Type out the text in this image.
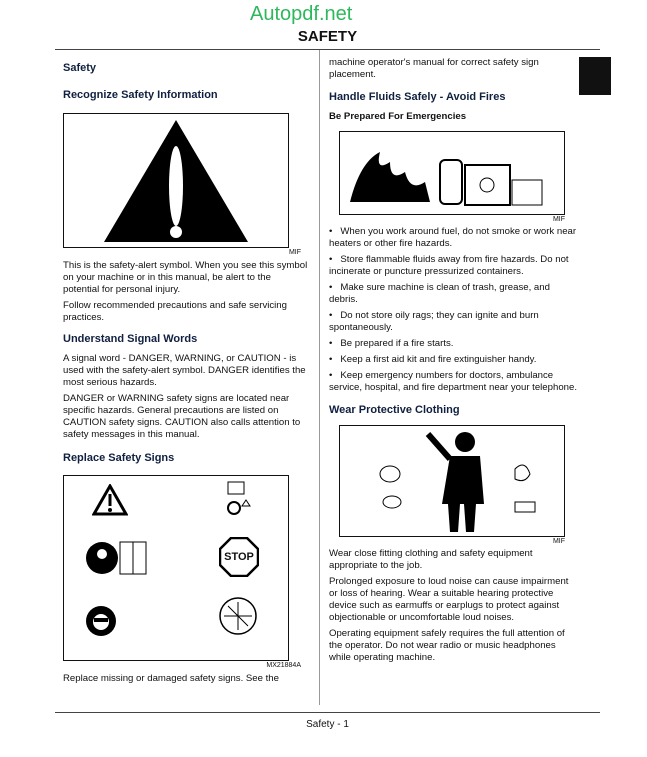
SAFETY
Safety
Recognize Safety Information
MIF

This is the safety-alert symbol. When you see this symbol on your machine or in this manual, be alert to the potential for personal injury.

Follow recommended precautions and safe servicing practices.

Understand Signal Words

A signal word - DANGER, WARNING, or CAUTION - is used with the safety-alert symbol. DANGER identifies the most serious hazards.

DANGER or WARNING safety signs are located near specific hazards. General precautions are listed on CAUTION safety signs. CAUTION also calls attention to safety messages in this manual.

Replace Safety Signs
STOP
MX21884A

Replace missing or damaged safety signs. See the

machine operator's manual for correct safety sign placement.

Handle Fluids Safely - Avoid Fires
Be Prepared For Emergencies
MIF

•   When you work around fuel, do not smoke or work near heaters or other fire hazards.

•   Store flammable fluids away from fire hazards. Do not incinerate or puncture pressurized containers.

•   Make sure machine is clean of trash, grease, and debris.

•   Do not store oily rags; they can ignite and burn spontaneously.

•   Be prepared if a fire starts.

•   Keep a first aid kit and fire extinguisher handy.

•   Keep emergency numbers for doctors, ambulance service, hospital, and fire department near your telephone.

Wear Protective Clothing
MIF

Wear close fitting clothing and safety equipment appropriate to the job.

Prolonged exposure to loud noise can cause impairment or loss of hearing. Wear a suitable hearing protective device such as earmuffs or earplugs to protect against objectionable or uncomfortable loud noises.

Operating equipment safely requires the full attention of the operator. Do not wear radio or music headphones while operating machine.

Autopdf.net
Safety - 1
